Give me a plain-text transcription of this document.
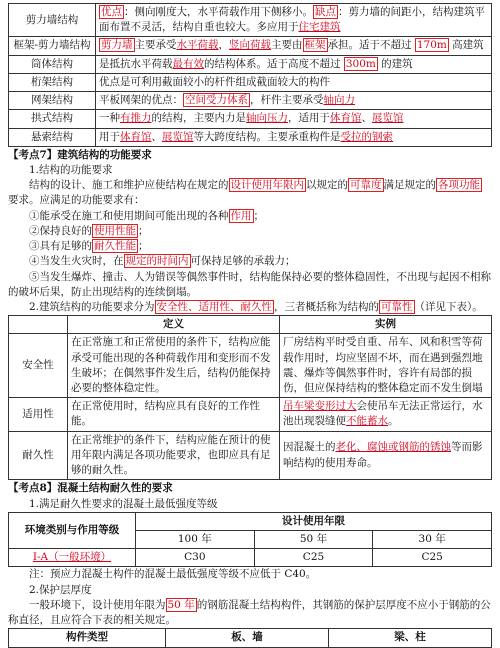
剪力墙结构	优点 ：侧向刚度大，水平荷载作用下侧移小。 缺点 ：剪力墙的间距小，结构建筑平面布置不灵活，结构自重也较大。多应用于住宅建筑
框架-剪力墙结构	剪力墙 主要承受水平荷载，竖向荷载主要由 框架 承担。适于不超过 170m 高建筑
筒体结构	是抵抗水平荷载最有效的结构体系。适于高度不超过 300m 的建筑
桁架结构	优点是可利用截面较小的杆件组成截面较大的构件
网架结构	平板网架的优点： 空间受力体系 ，杆件主要承受轴向力
拱式结构	一种有推力的结构，主要内力是轴向压力，适用于体育馆、展览馆
悬索结构	用于体育馆、展览馆等大跨度结构。主要承重构件是受拉的钢索
【考点7】建筑结构的功能要求

1.结构的功能要求

结构的设计、施工和维护应使结构在规定的 设计使用年限内 以规定的 可靠度 满足规定的 各项功能要求。应满足的功能要求有：

①能承受在施工和使用期间可能出现的各种 作用 ；

②保持良好的 使用性能 ；

③具有足够的 耐久性能 ；

④当发生火灾时，在 规定的时间内 可保持足够的承载力；

⑤当发生爆炸、撞击、人为错误等偶然事件时，结构能保持必要的整体稳固性，不出现与起因不相称的破坏后果，防止出现结构的连续倒塌。

2.建筑结构的功能要求分为 安全性、适用性、耐久性 ，三者概括称为结构的 可靠性 （详见下表）。

	定义	实例
安全性	在正常施工和正常使用的条件下，结构应能承受可能出现的各种荷载作用和变形而不发生破坏；在偶然事件发生后，结构仍能保持必要的整体稳定性。	厂房结构平时受自重、吊车、风和积雪等荷载作用时，均应坚固不坏，而在遇到强烈地震、爆炸等偶然事件时，容许有局部的损伤，但应保持结构的整体稳定而不发生倒塌
适用性	在正常使用时，结构应具有良好的工作性能。	吊车梁变形过大会使吊车无法正常运行，水池出现裂缝便不能蓄水。
耐久性	在正常维护的条件下，结构应能在预计的使用年限内满足各项功能要求，也即应具有足够的耐久性。	因混凝土的老化、腐蚀或钢筋的锈蚀等而影响结构的使用寿命。
【考点8】混凝土结构耐久性的要求

1.满足耐久性要求的混凝土最低强度等级

环境类别与作用等级	设计使用年限		
	100 年	50 年	30 年
I-A（一般环境）	C30	C25	C25

注：预应力混凝土构件的混凝土最低强度等级不应低于 C40。

2.保护层厚度

一般环境下，设计使用年限为 50 年 的钢筋混凝土结构构件，其钢筋的保护层厚度不应小于钢筋的公称直径，且应符合下表的相关规定。

构件类型	板、墙	梁、柱
